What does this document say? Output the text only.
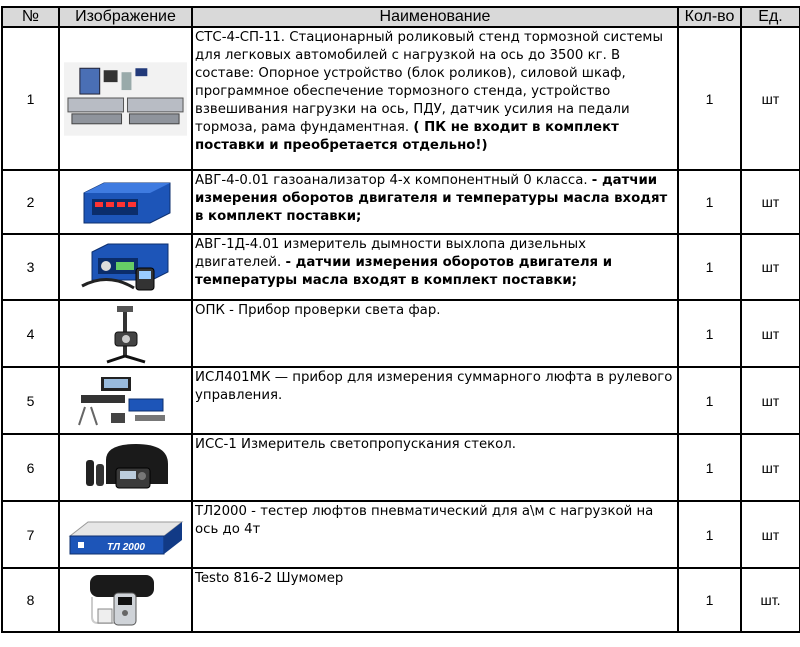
№	Изображение	Наименование	Кол-во	Ед.
1		СТС-4-СП-11. Стационарный роликовый стенд тормозной системы для легковых автомобилей с нагрузкой на ось до 3500 кг. В составе: Опорное устройство (блок роликов), силовой шкаф, программное обеспечение тормозного стенда, устройство взвешивания нагрузки на ось, ПДУ, датчик усилия на педали тормоза, рама фундаментная. ( ПК не входит в комплект поставки и преобретается отдельно!)	1	шт
2		АВГ-4-0.01 газоанализатор 4-х компонентный 0 класса. - датчии измерения оборотов двигателя и температуры масла входят в комплект поставки;	1	шт
3		АВГ-1Д-4.01 измеритель дымности выхлопа дизельных двигателей. - датчии измерения оборотов двигателя и температуры масла входят в комплект поставки;	1	шт
4		ОПК - Прибор проверки света фар.	1	шт
5		ИСЛ401МК — прибор для измерения суммарного люфта в рулевого управления.	1	шт
6		ИСС-1 Измеритель светопропускания стекол.	1	шт
7	ТЛ 2000	ТЛ2000 - тестер люфтов пневматический для а\м с нагрузкой на ось до 4т	1	шт
8		Testo 816-2 Шумомер	1	шт.
